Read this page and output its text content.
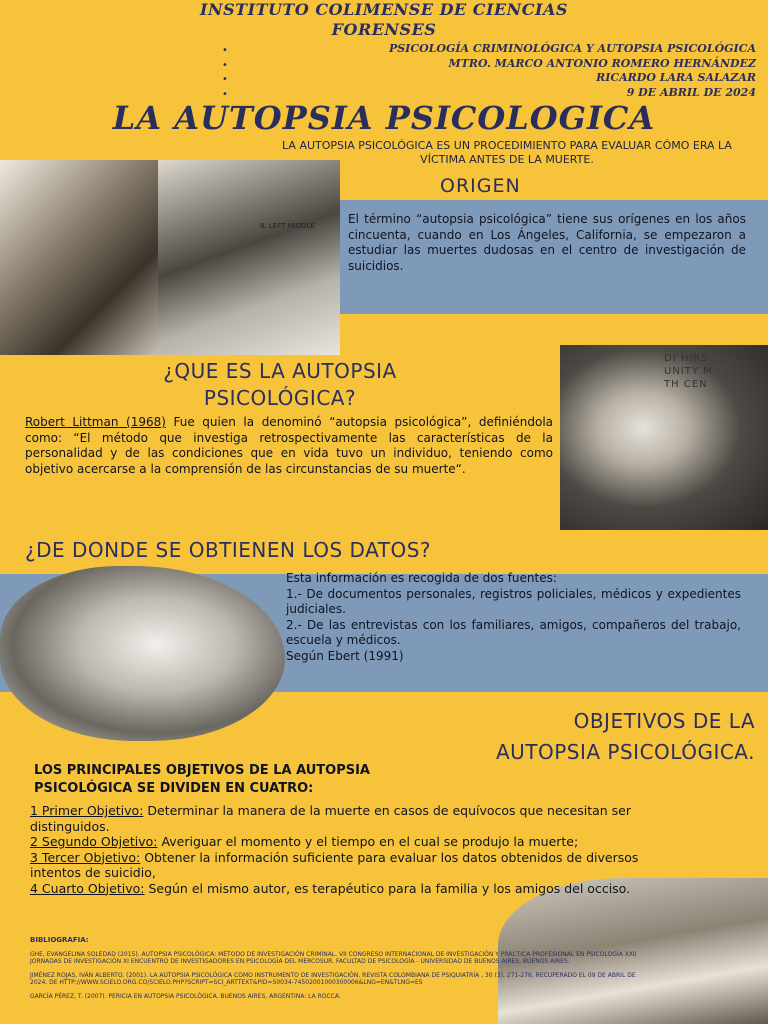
INSTITUTO COLIMENSE DE CIENCIAS
FORENSES
•
•
•
•
PSICOLOGÍA CRIMINOLÓGICA Y AUTOPSIA PSICOLÓGICA
MTRO. MARCO ANTONIO ROMERO HERNÁNDEZ
RICARDO LARA SALAZAR
9 DE ABRIL DE 2024
LA AUTOPSIA PSICOLOGICA
LA AUTOPSIA PSICOLÓGICA ES UN PROCEDIMIENTO PARA EVALUAR CÓMO ERA LA VÍCTIMA ANTES DE LA MUERTE.
8. LEFT MIDDLE
ORIGEN
El término “autopsia psicológica” tiene sus orígenes en los años cincuenta, cuando en Los Ángeles, California, se empezaron a estudiar las muertes dudosas en el centro de investigación de suicidios.
¿QUE ES LA AUTOPSIA
PSICOLÓGICA?
Robert Littman (1968) Fue quien la denominó “autopsia psicológica”, definiéndola como: “El método que investiga retrospectivamente las características de la personalidad y de las condiciones que en vida tuvo un individuo, teniendo como objetivo acercarse a la comprensión de las circunstancias de su muerte“.
DI HIRS
UNITY M
TH CEN
¿DE DONDE SE OBTIENEN LOS DATOS?
Esta información es recogida de dos fuentes:
1.- De documentos personales, registros policiales, médicos y expedientes judiciales.
2.- De las entrevistas con los familiares, amigos, compañeros del trabajo, escuela y médicos.
Según Ebert (1991)
OBJETIVOS DE LA
AUTOPSIA PSICOLÓGICA.
LOS PRINCIPALES OBJETIVOS DE LA AUTOPSIA
PSICOLÓGICA SE DIVIDEN EN CUATRO:
1 Primer Objetivo: Determinar la manera de la muerte en casos de equívocos que necesitan ser distinguidos.
2 Segundo Objetivo: Averiguar el momento y el tiempo en el cual se produjo la muerte;
3 Tercer Objetivo: Obtener la información suficiente para evaluar los datos obtenidos de diversos intentos de suicidio,
4 Cuarto Objetivo: Según el mismo autor, es terapéutico para la familia y los amigos del occiso.
BIBLIOGRAFIA:
GHE, EVANGELINA SOLEDAD (2015). AUTOPSIA PSICOLÓGICA: MÉTODO DE INVESTIGACIÓN CRIMINAL. VII CONGRESO INTERNACIONAL DE INVESTIGACIÓN Y PRÁCTICA PROFESIONAL EN PSICOLOGÍA XXII JORNADAS DE INVESTIGACIÓN XI ENCUENTRO DE INVESTIGADORES EN PSICOLOGÍA DEL MERCOSUR. FACULTAD DE PSICOLOGÍA - UNIVERSIDAD DE BUENOS AIRES, BUENOS AIRES.
JIMÉNEZ ROJAS, IVÁN ALBERTO. (2001). LA AUTOPSIA PSICOLÓGICA COMO INSTRUMENTO DE INVESTIGACIÓN. REVISTA COLOMBIANA DE PSIQUIATRÍA , 30 (3), 271-276. RECUPERADO EL 09 DE ABRIL DE 2024, DE HTTP://WWW.SCIELO.ORG.CO/SCIELO.PHP?SCRIPT=SCI_ARTTEXT&PID=S0034-74502001000300006&LNG=EN&TLNG=ES
GARCÍA PÉREZ, T. (2007). PERICIA EN AUTOPSIA PSICOLÓGICA. BUENOS AIRES, ARGENTINA: LA ROCCA.
